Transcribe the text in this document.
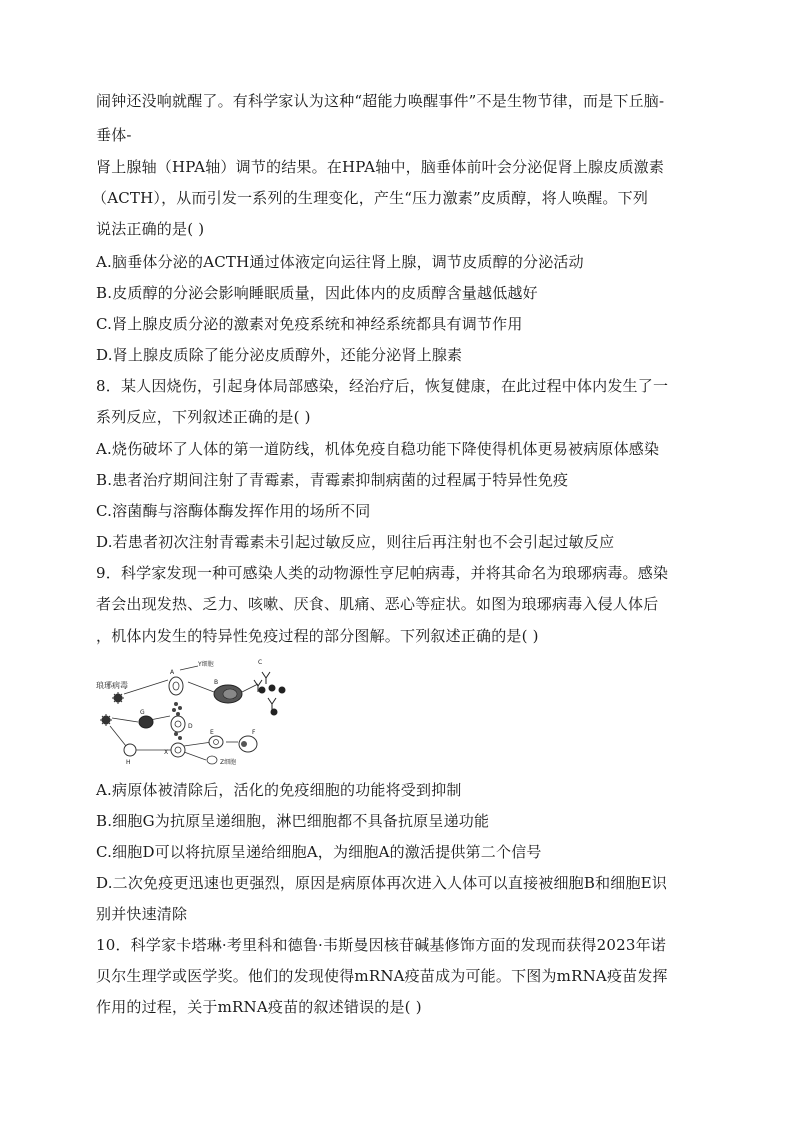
闹钟还没响就醒了。有科学家认为这种“超能力唤醒事件”不是生物节律，而是下丘脑-
垂体-
肾上腺轴（HPA轴）调节的结果。在HPA轴中，脑垂体前叶会分泌促肾上腺皮质激素
（ACTH），从而引发一系列的生理变化，产生“压力激素”皮质醇，将人唤醒。下列
说法正确的是( )
A.脑垂体分泌的ACTH通过体液定向运往肾上腺，调节皮质醇的分泌活动
B.皮质醇的分泌会影响睡眠质量，因此体内的皮质醇含量越低越好
C.肾上腺皮质分泌的激素对免疫系统和神经系统都具有调节作用
D.肾上腺皮质除了能分泌皮质醇外，还能分泌肾上腺素
8．某人因烧伤，引起身体局部感染，经治疗后，恢复健康，在此过程中体内发生了一
系列反应，下列叙述正确的是( )
A.烧伤破坏了人体的第一道防线，机体免疫自稳功能下降使得机体更易被病原体感染
B.患者治疗期间注射了青霉素，青霉素抑制病菌的过程属于特异性免疫
C.溶菌酶与溶酶体酶发挥作用的场所不同
D.若患者初次注射青霉素未引起过敏反应，则往后再注射也不会引起过敏反应
9．科学家发现一种可感染人类的动物源性亨尼帕病毒，并将其命名为琅琊病毒。感染
者会出现发热、乏力、咳嗽、厌食、肌痛、恶心等症状。如图为琅琊病毒入侵人体后
，机体内发生的特异性免疫过程的部分图解。下列叙述正确的是( )
琅琊病毒
A
Y细胞
B
C
G
D
H
X
E	F
Z细胞
A.病原体被清除后，活化的免疫细胞的功能将受到抑制
B.细胞G为抗原呈递细胞，淋巴细胞都不具备抗原呈递功能
C.细胞D可以将抗原呈递给细胞A，为细胞A的激活提供第二个信号
D.二次免疫更迅速也更强烈，原因是病原体再次进入人体可以直接被细胞B和细胞E识
别并快速清除
10．科学家卡塔琳·考里科和德鲁·韦斯曼因核苷碱基修饰方面的发现而获得2023年诺
贝尔生理学或医学奖。他们的发现使得mRNA疫苗成为可能。下图为mRNA疫苗发挥
作用的过程，关于mRNA疫苗的叙述错误的是( )
